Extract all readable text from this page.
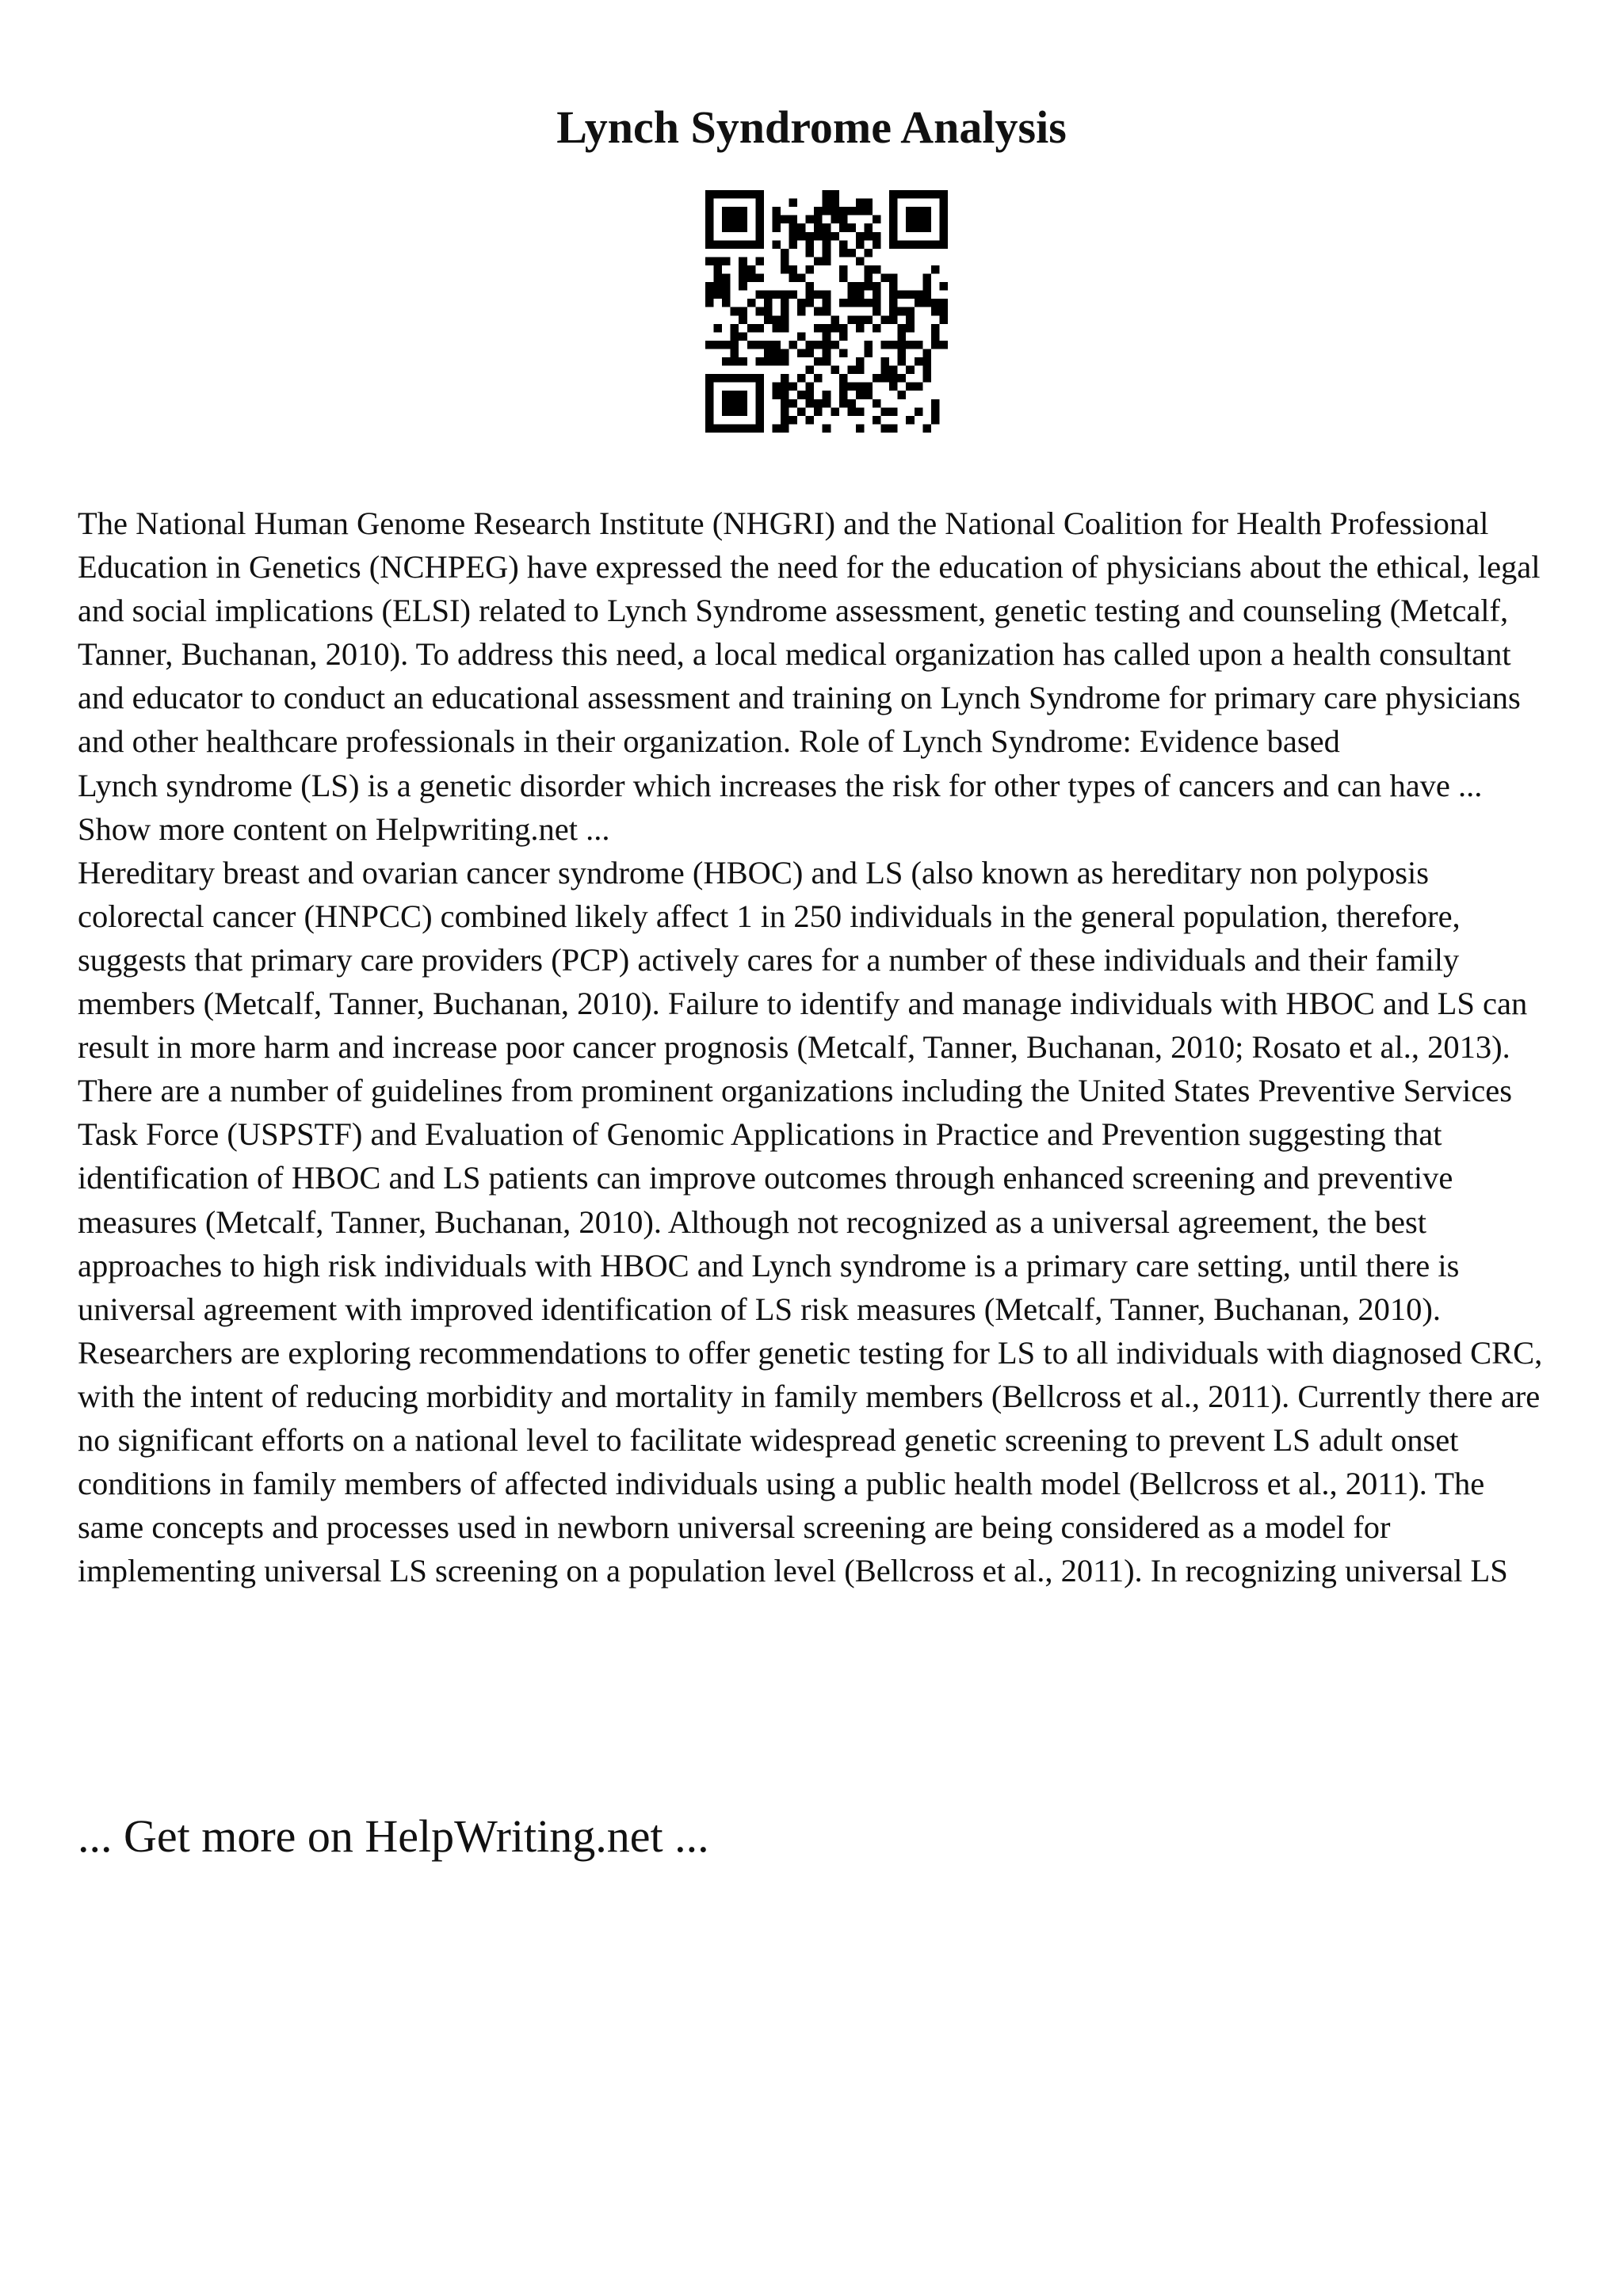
Lynch Syndrome Analysis

The National Human Genome Research Institute (NHGRI) and the National Coalition for Health Professional Education in Genetics (NCHPEG) have expressed the need for the education of physicians about the ethical, legal and social implications (ELSI) related to Lynch Syndrome assessment, genetic testing and counseling (Metcalf, Tanner, Buchanan, 2010). To address this need, a local medical organization has called upon a health consultant and educator to conduct an educational assessment and training on Lynch Syndrome for primary care physicians and other healthcare professionals in their organization. Role of Lynch Syndrome: Evidence based

Lynch syndrome (LS) is a genetic disorder which increases the risk for other types of cancers and can have ... Show more content on Helpwriting.net ...

Hereditary breast and ovarian cancer syndrome (HBOC) and LS (also known as hereditary non polyposis colorectal cancer (HNPCC) combined likely affect 1 in 250 individuals in the general population, therefore, suggests that primary care providers (PCP) actively cares for a number of these individuals and their family members (Metcalf, Tanner, Buchanan, 2010). Failure to identify and manage individuals with HBOC and LS can result in more harm and increase poor cancer prognosis (Metcalf, Tanner, Buchanan, 2010; Rosato et al., 2013). There are a number of guidelines from prominent organizations including the United States Preventive Services Task Force (USPSTF) and Evaluation of Genomic Applications in Practice and Prevention suggesting that identification of HBOC and LS patients can improve outcomes through enhanced screening and preventive measures (Metcalf, Tanner, Buchanan, 2010). Although not recognized as a universal agreement, the best approaches to high risk individuals with HBOC and Lynch syndrome is a primary care setting, until there is universal agreement with improved identification of LS risk measures (Metcalf, Tanner, Buchanan, 2010). Researchers are exploring recommendations to offer genetic testing for LS to all individuals with diagnosed CRC, with the intent of reducing morbidity and mortality in family members (Bellcross et al., 2011). Currently there are no significant efforts on a national level to facilitate widespread genetic screening to prevent LS adult onset conditions in family members of affected individuals using a public health model (Bellcross et al., 2011). The same concepts and processes used in newborn universal screening are being considered as a model for implementing universal LS screening on a population level (Bellcross et al., 2011). In recognizing universal LS

... Get more on HelpWriting.net ...
